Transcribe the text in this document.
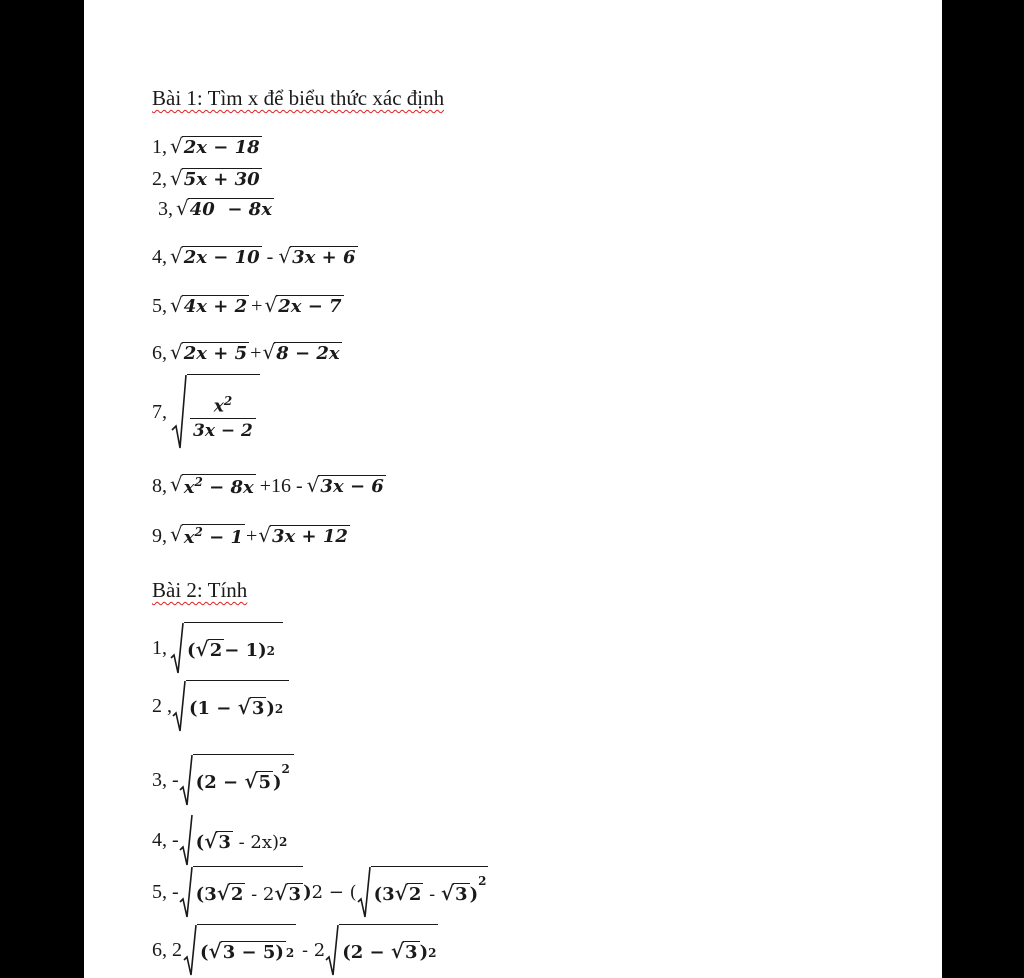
Bài 1: Tìm x để biểu thức xác định
1, √ 2x − 18
2, √ 5x + 30
3, √ 40  − 8x
4, √ 2x − 10 - √ 3x + 6
5, √ 4x + 2 + √ 2x − 7
6, √ 2x + 5 + √ 8 − 2x
7, $\frac{x^2}{3x - 2}$
8, √ $x^2 - 8x +16$ - √ 3x − 6
9, √ $x^2 - 1$ + √ 3x + 12
Bài 2: Tính
1, ( √ 2 − 1) 2
2 , (1 − √ 3 ) 2
3, - (2 − √ 5 )
$^2$
4, - ( √ 3 - 2x) 2
5, - (3 √ 2 - 2 √ 3 ) 2 − ( (3 √ 2 - √ 3 )
$^2$
6, 2 ( √ 3 − 5) 2 - 2 (2 − √ 3 ) 2
